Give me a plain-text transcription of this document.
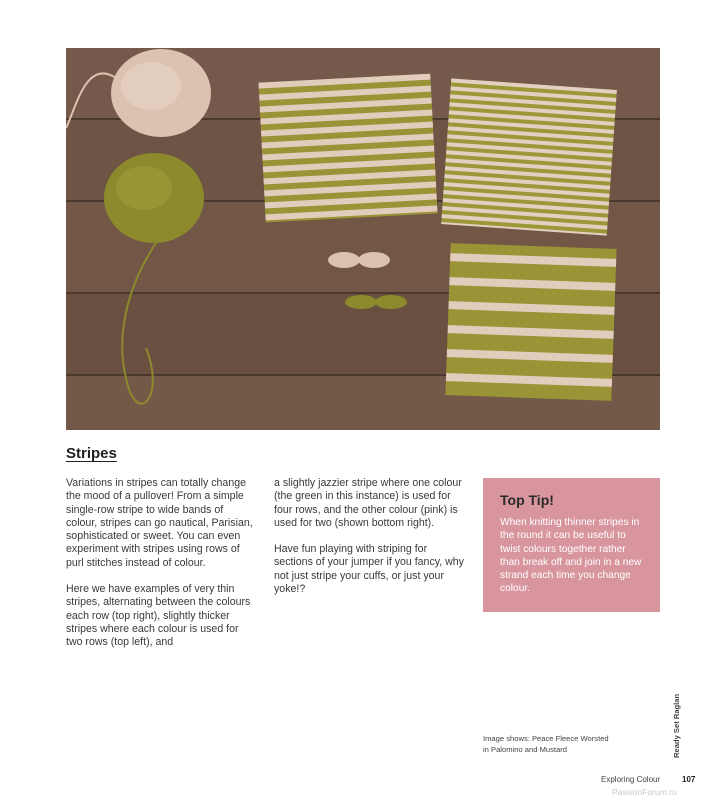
Stripes

Variations in stripes can totally change the mood of a pullover! From a simple single-row stripe to wide bands of colour, stripes can go nautical, Parisian, sophisticated or sweet. You can even experiment with stripes using rows of purl stitches instead of colour.

Here we have examples of very thin stripes, alternating between the colours each row (top right), slightly thicker stripes where each colour is used for two rows (top left), and

a slightly jazzier stripe where one colour (the green in this instance) is used for four rows, and the other colour (pink) is used for two (shown bottom right).

Have fun playing with striping for sections of your jumper if you fancy, why not just stripe your cuffs, or just your yoke!?

Top Tip!
When knitting thinner stripes in the round it can be useful to twist colours together rather than break off and join in a new strand each time you change colour.
Image shows: Peace Fleece Worsted
in Palomino and Mustard	Ready Set Raglan
Exploring Colour	107
PassionForum.ru
